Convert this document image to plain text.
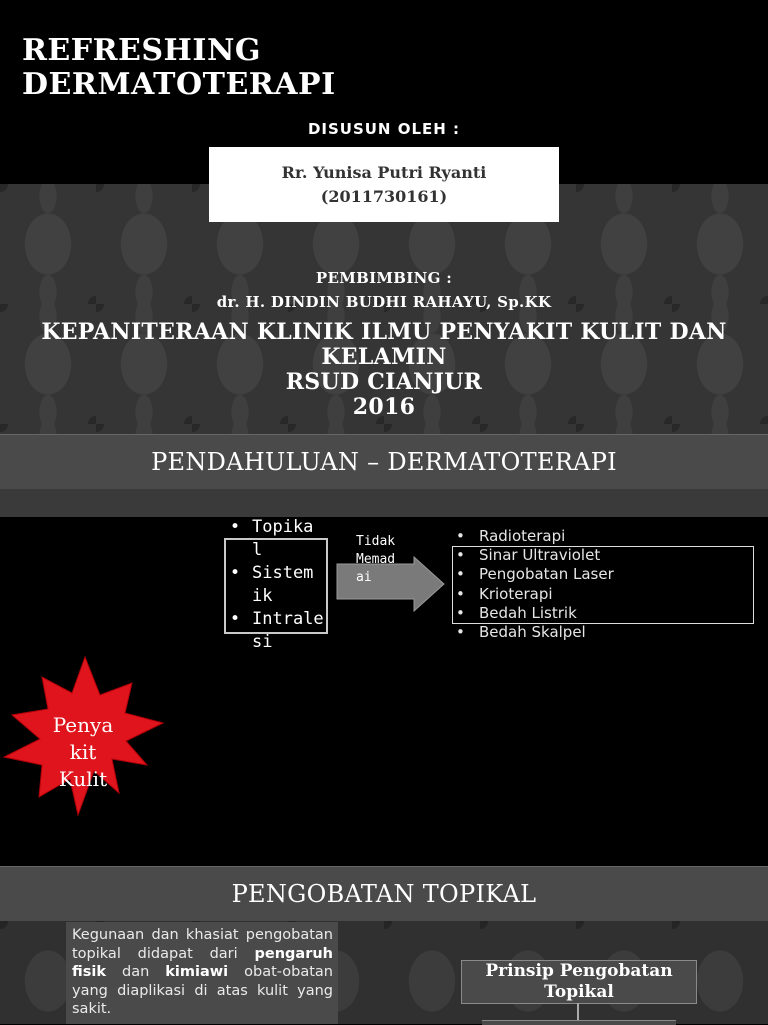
REFRESHING
DERMATOTERAPI
DISUSUN OLEH :
Rr. Yunisa Putri Ryanti
(2011730161)
PEMBIMBING :
dr. H. DINDIN BUDHI RAHAYU, Sp.KK
KEPANITERAAN KLINIK ILMU PENYAKIT KULIT DAN
KELAMIN
RSUD CIANJUR
2016
PENDAHULUAN – DERMATOTERAPI
• Topika
l
• Sistem
ik
• Intrale
si
Tidak
Memad
ai
• Radioterapi
• Sinar Ultraviolet
• Pengobatan Laser
• Krioterapi
• Bedah Listrik
• Bedah Skalpel
Penya
kit
Kulit
PENGOBATAN TOPIKAL
Kegunaan dan khasiat pengobatan topikal didapat dari pengaruh fisik dan kimiawi obat-obatan yang diaplikasi di atas kulit yang sakit.
Prinsip Pengobatan
Topikal
